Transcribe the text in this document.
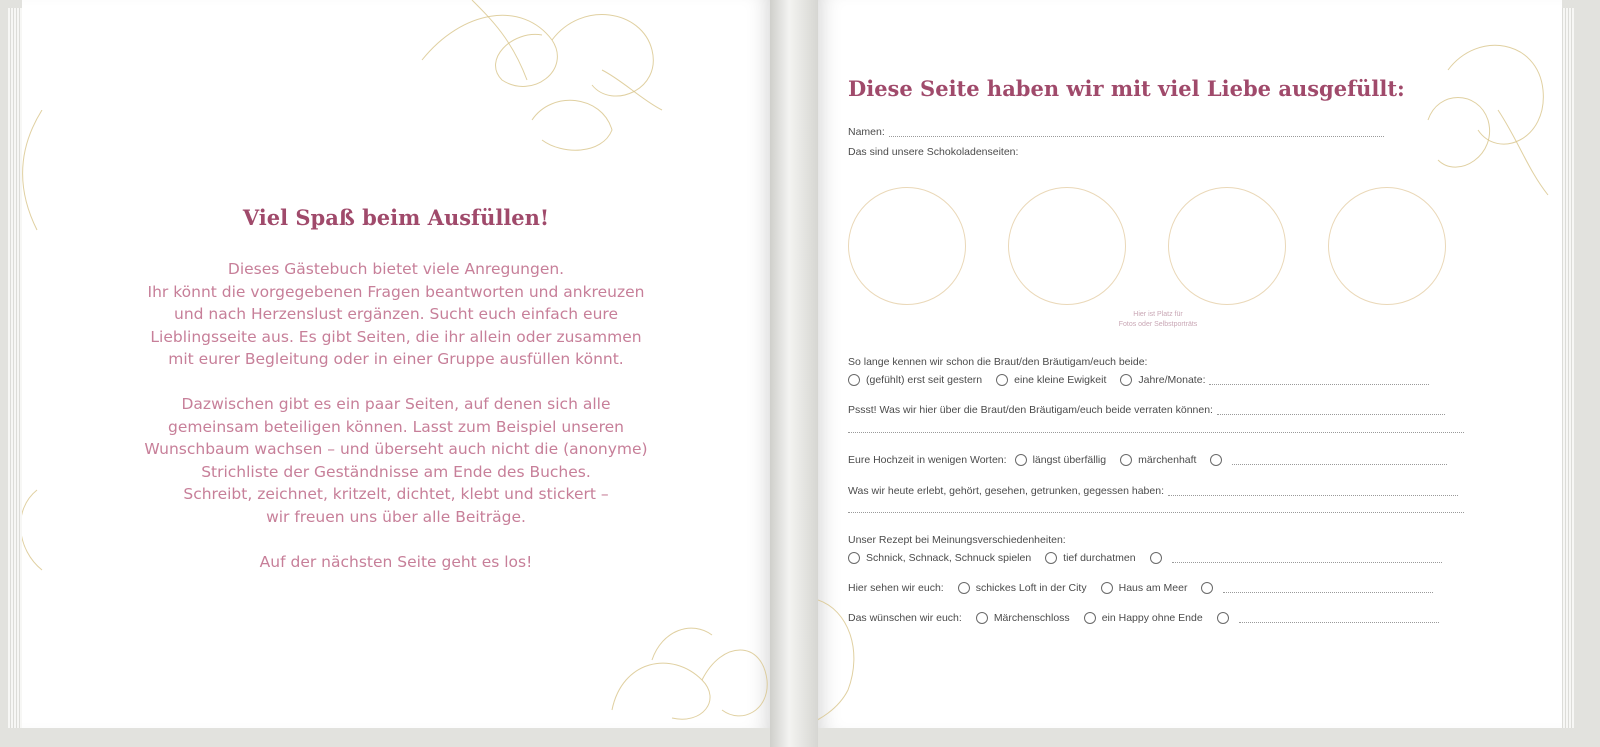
Viel Spaß beim Ausfüllen!

Dieses Gästebuch bietet viele Anregungen.
Ihr könnt die vorgegebenen Fragen beantworten und ankreuzen
und nach Herzenslust ergänzen. Sucht euch einfach eure
Lieblingsseite aus. Es gibt Seiten, die ihr allein oder zusammen
mit eurer Begleitung oder in einer Gruppe ausfüllen könnt.

Dazwischen gibt es ein paar Seiten, auf denen sich alle
gemeinsam beteiligen können. Lasst zum Beispiel unseren
Wunschbaum wachsen – und überseht auch nicht die (anonyme)
Strichliste der Geständnisse am Ende des Buches.
Schreibt, zeichnet, kritzelt, dichtet, klebt und stickert –
wir freuen uns über alle Beiträge.

Auf der nächsten Seite geht es los!

Diese Seite haben wir mit viel Liebe ausgefüllt:
Namen:
Das sind unsere Schokoladenseiten:
Hier ist Platz für
Fotos oder Selbstporträts
So lange kennen wir schon die Braut/den Bräutigam/euch beide:
(gefühlt) erst seit gestern	eine kleine Ewigkeit	Jahre/Monate:
Pssst! Was wir hier über die Braut/den Bräutigam/euch beide verraten können:
Eure Hochzeit in wenigen Worten: längst überfällig	märchenhaft
Was wir heute erlebt, gehört, gesehen, getrunken, gegessen haben:
Unser Rezept bei Meinungsverschiedenheiten:
Schnick, Schnack, Schnuck spielen	tief durchatmen
Hier sehen wir euch:	schickes Loft in der City	Haus am Meer
Das wünschen wir euch:	Märchenschloss	ein Happy ohne Ende
